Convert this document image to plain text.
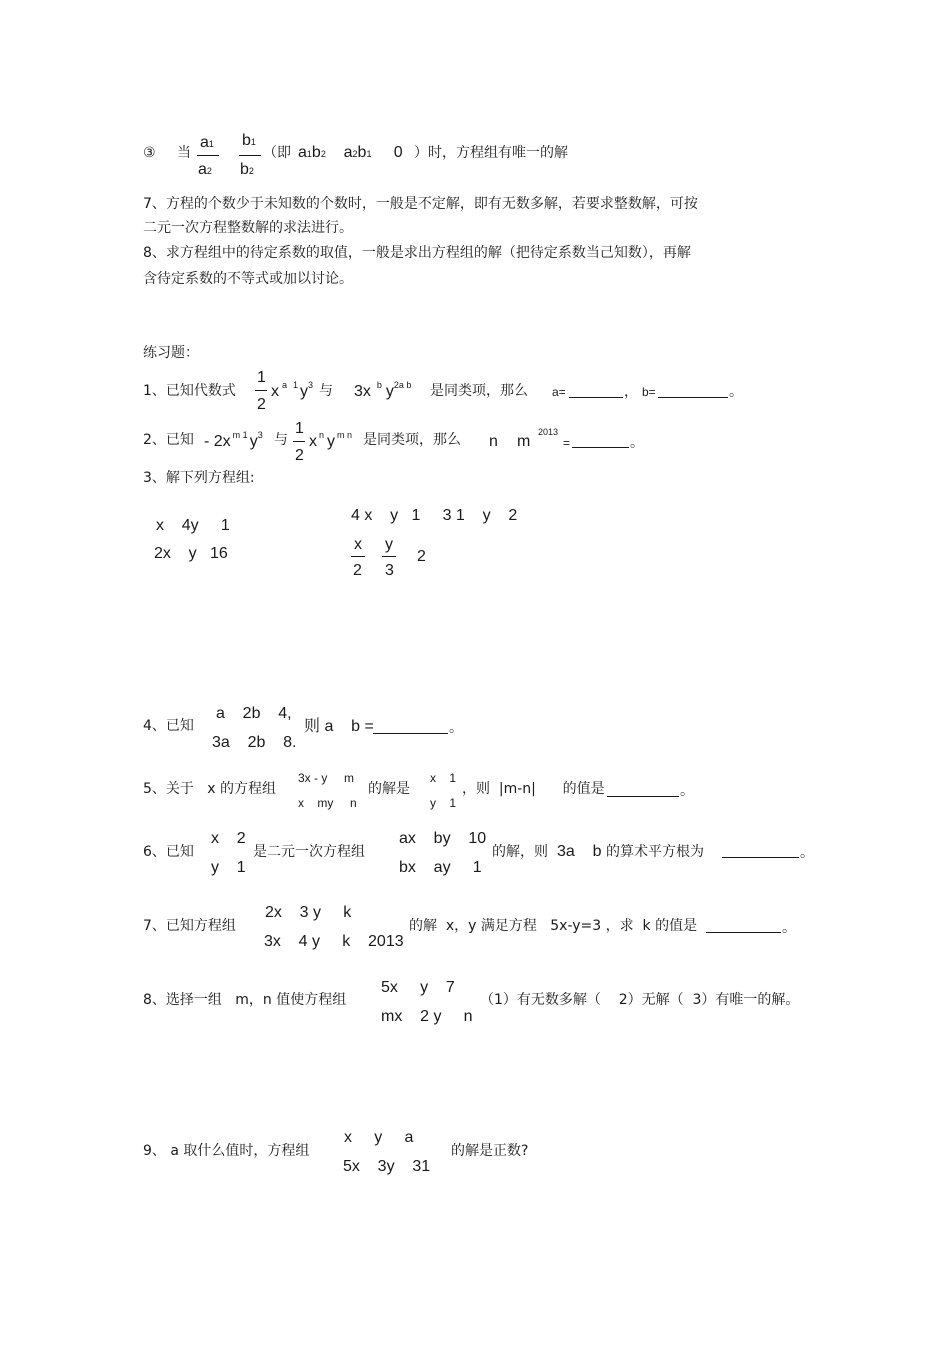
③ 当
a1
a2
b1
b2
（即 a1b2 a2b1 0 ）时，方程组有唯一的解
7、方程的个数少于未知数的个数时，一般是不定解，即有无数多解，若要求整数解，可按
二元一次方程整数解的求法进行。
8、求方程组中的待定系数的取值，一般是求出方程组的解（把待定系数当己知数），再解
含待定系数的不等式或加以讨论。
练习题：
1、已知代数式
1
2
x $^a$ $^1$ $y^3$ 与 3x $^b$ $y^{2a b}$ 是同类项，那么 a=	， b=	。
2、已知 - 2x $^{m 1}$ $y^3$ 与
1
2
x $^n$ y $^{m n}$ 是同类项，那么 n m
2013
=	。
3、解下列方程组:
x    4y     1
2x    y   16
4 x    y   1     3 1    y    2
x
2
y
3
2
4、已知
a    2b    4,
3a    2b    8.
则 a    b =	。
5、关于   x 的方程组
3x - y     m
x    my     n
的解是
x    1
y    1
，则  |m-n|      的值是	。
6、已知
x    2
y    1
是二元一次方程组
ax    by    10
bx    ay     1
的解，则 3a    b 的算术平方根为	。
7、已知方程组
2x    3 y     k
3x    4 y     k    2013
的解  x，y 满足方程   5x-y=3 ，求  k 的值是	。
8、选择一组   m，n 值使方程组
5x     y    7
mx    2 y     n
（1）有无数多解（    2）无解（  3）有唯一的解。
9、 a 取什么值时，方程组
x     y     a
5x    3y    31
的解是正数?
